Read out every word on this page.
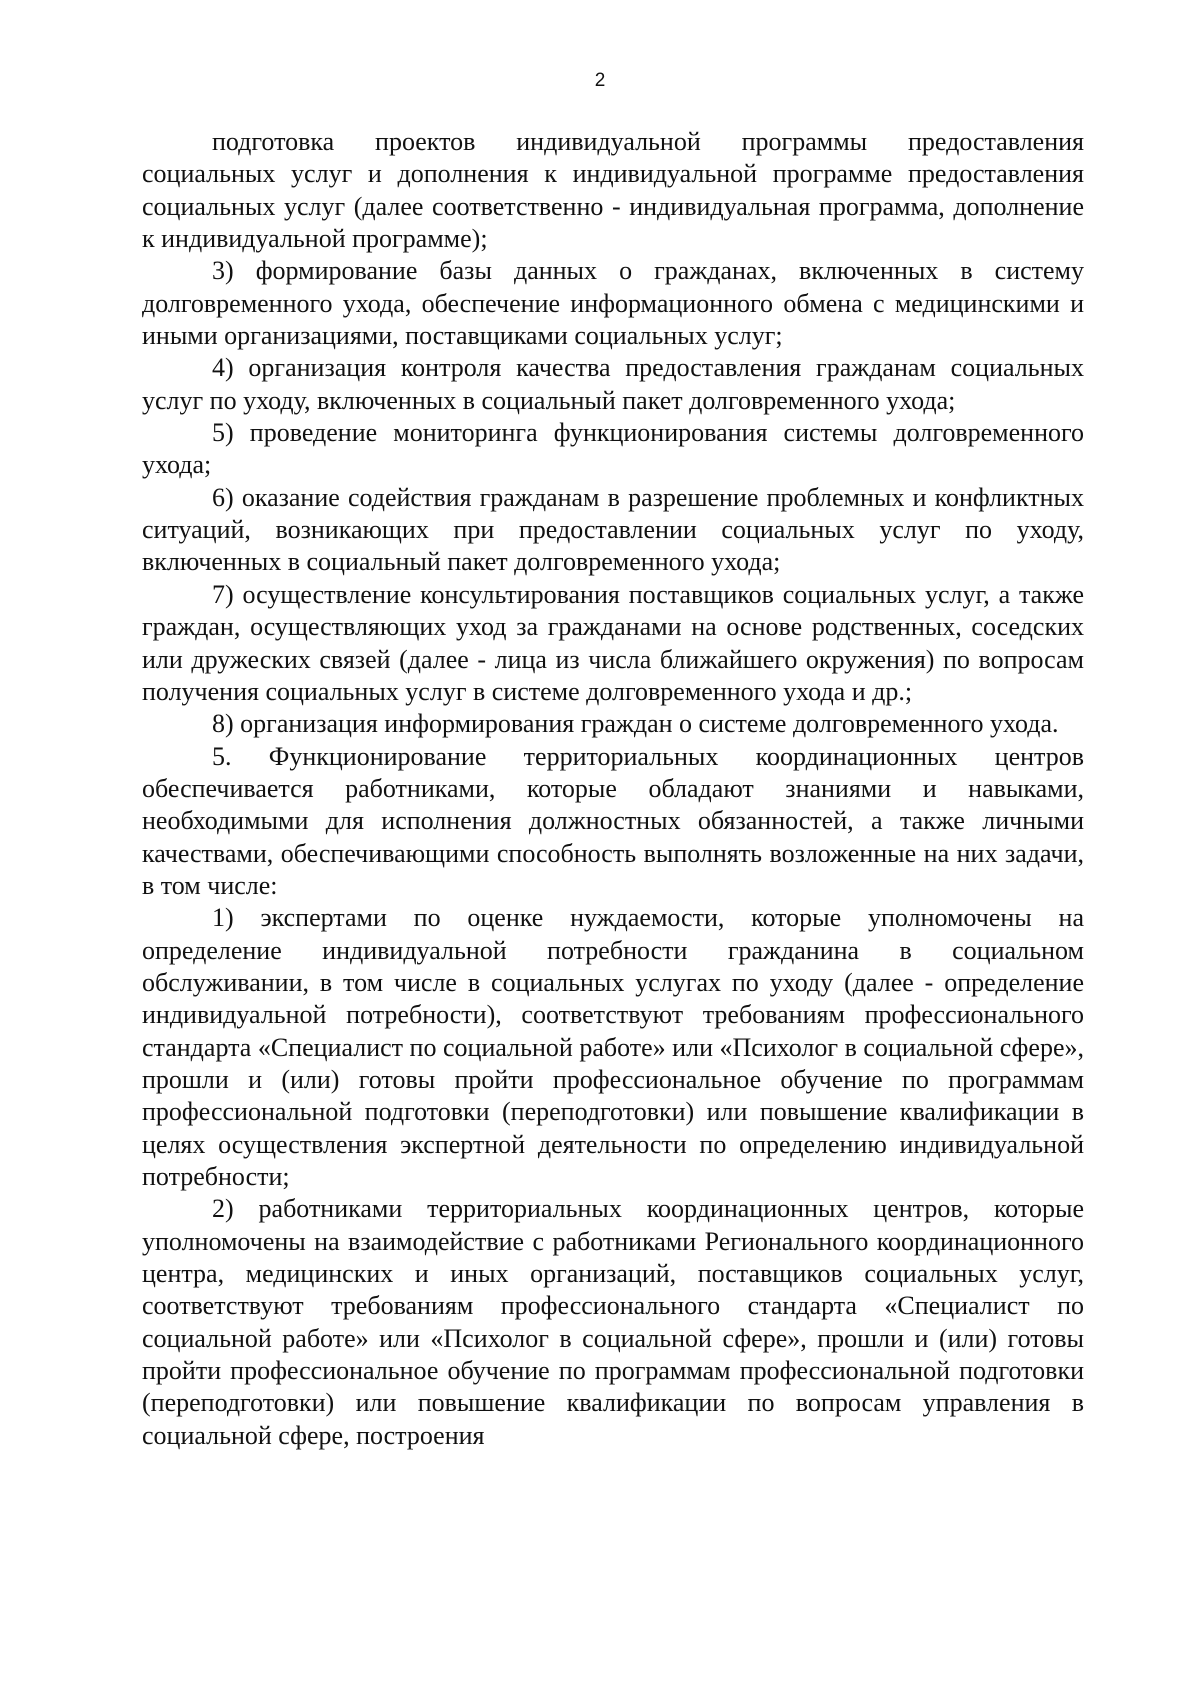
2

подготовка проектов индивидуальной программы предоставления социальных услуг и дополнения к индивидуальной программе предоставления социальных услуг (далее соответственно - индивидуальная программа, дополнение к индивидуальной программе);

3) формирование базы данных о гражданах, включенных в систему долговременного ухода, обеспечение информационного обмена с медицинскими и иными организациями, поставщиками социальных услуг;

4) организация контроля качества предоставления гражданам социальных услуг по уходу, включенных в социальный пакет долговременного ухода;

5) проведение мониторинга функционирования системы долговременного ухода;

6) оказание содействия гражданам в разрешение проблемных и конфликтных ситуаций, возникающих при предоставлении социальных услуг по уходу, включенных в социальный пакет долговременного ухода;

7) осуществление консультирования поставщиков социальных услуг, а также граждан, осуществляющих уход за гражданами на основе родственных, соседских или дружеских связей (далее - лица из числа ближайшего окружения) по вопросам получения социальных услуг в системе долговременного ухода и др.;

8) организация информирования граждан о системе долговременного ухода.

5. Функционирование территориальных координационных центров обеспечивается работниками, которые обладают знаниями и навыками, необходимыми для исполнения должностных обязанностей, а также личными качествами, обеспечивающими способность выполнять возложенные на них задачи, в том числе:

1) экспертами по оценке нуждаемости, которые уполномочены на определение индивидуальной потребности гражданина в социальном обслуживании, в том числе в социальных услугах по уходу (далее - определение индивидуальной потребности), соответствуют требованиям профессионального стандарта «Специалист по социальной работе» или «Психолог в социальной сфере», прошли и (или) готовы пройти профессиональное обучение по программам профессиональной подготовки (переподготовки) или повышение квалификации в целях осуществления экспертной деятельности по определению индивидуальной потребности;

2) работниками территориальных координационных центров, которые уполномочены на взаимодействие с работниками Регионального координационного центра, медицинских и иных организаций, поставщиков социальных услуг, соответствуют требованиям профессионального стандарта «Специалист по социальной работе» или «Психолог в социальной сфере», прошли и (или) готовы пройти профессиональное обучение по программам профессиональной подготовки (переподготовки) или повышение квалификации по вопросам управления в социальной сфере, построения
